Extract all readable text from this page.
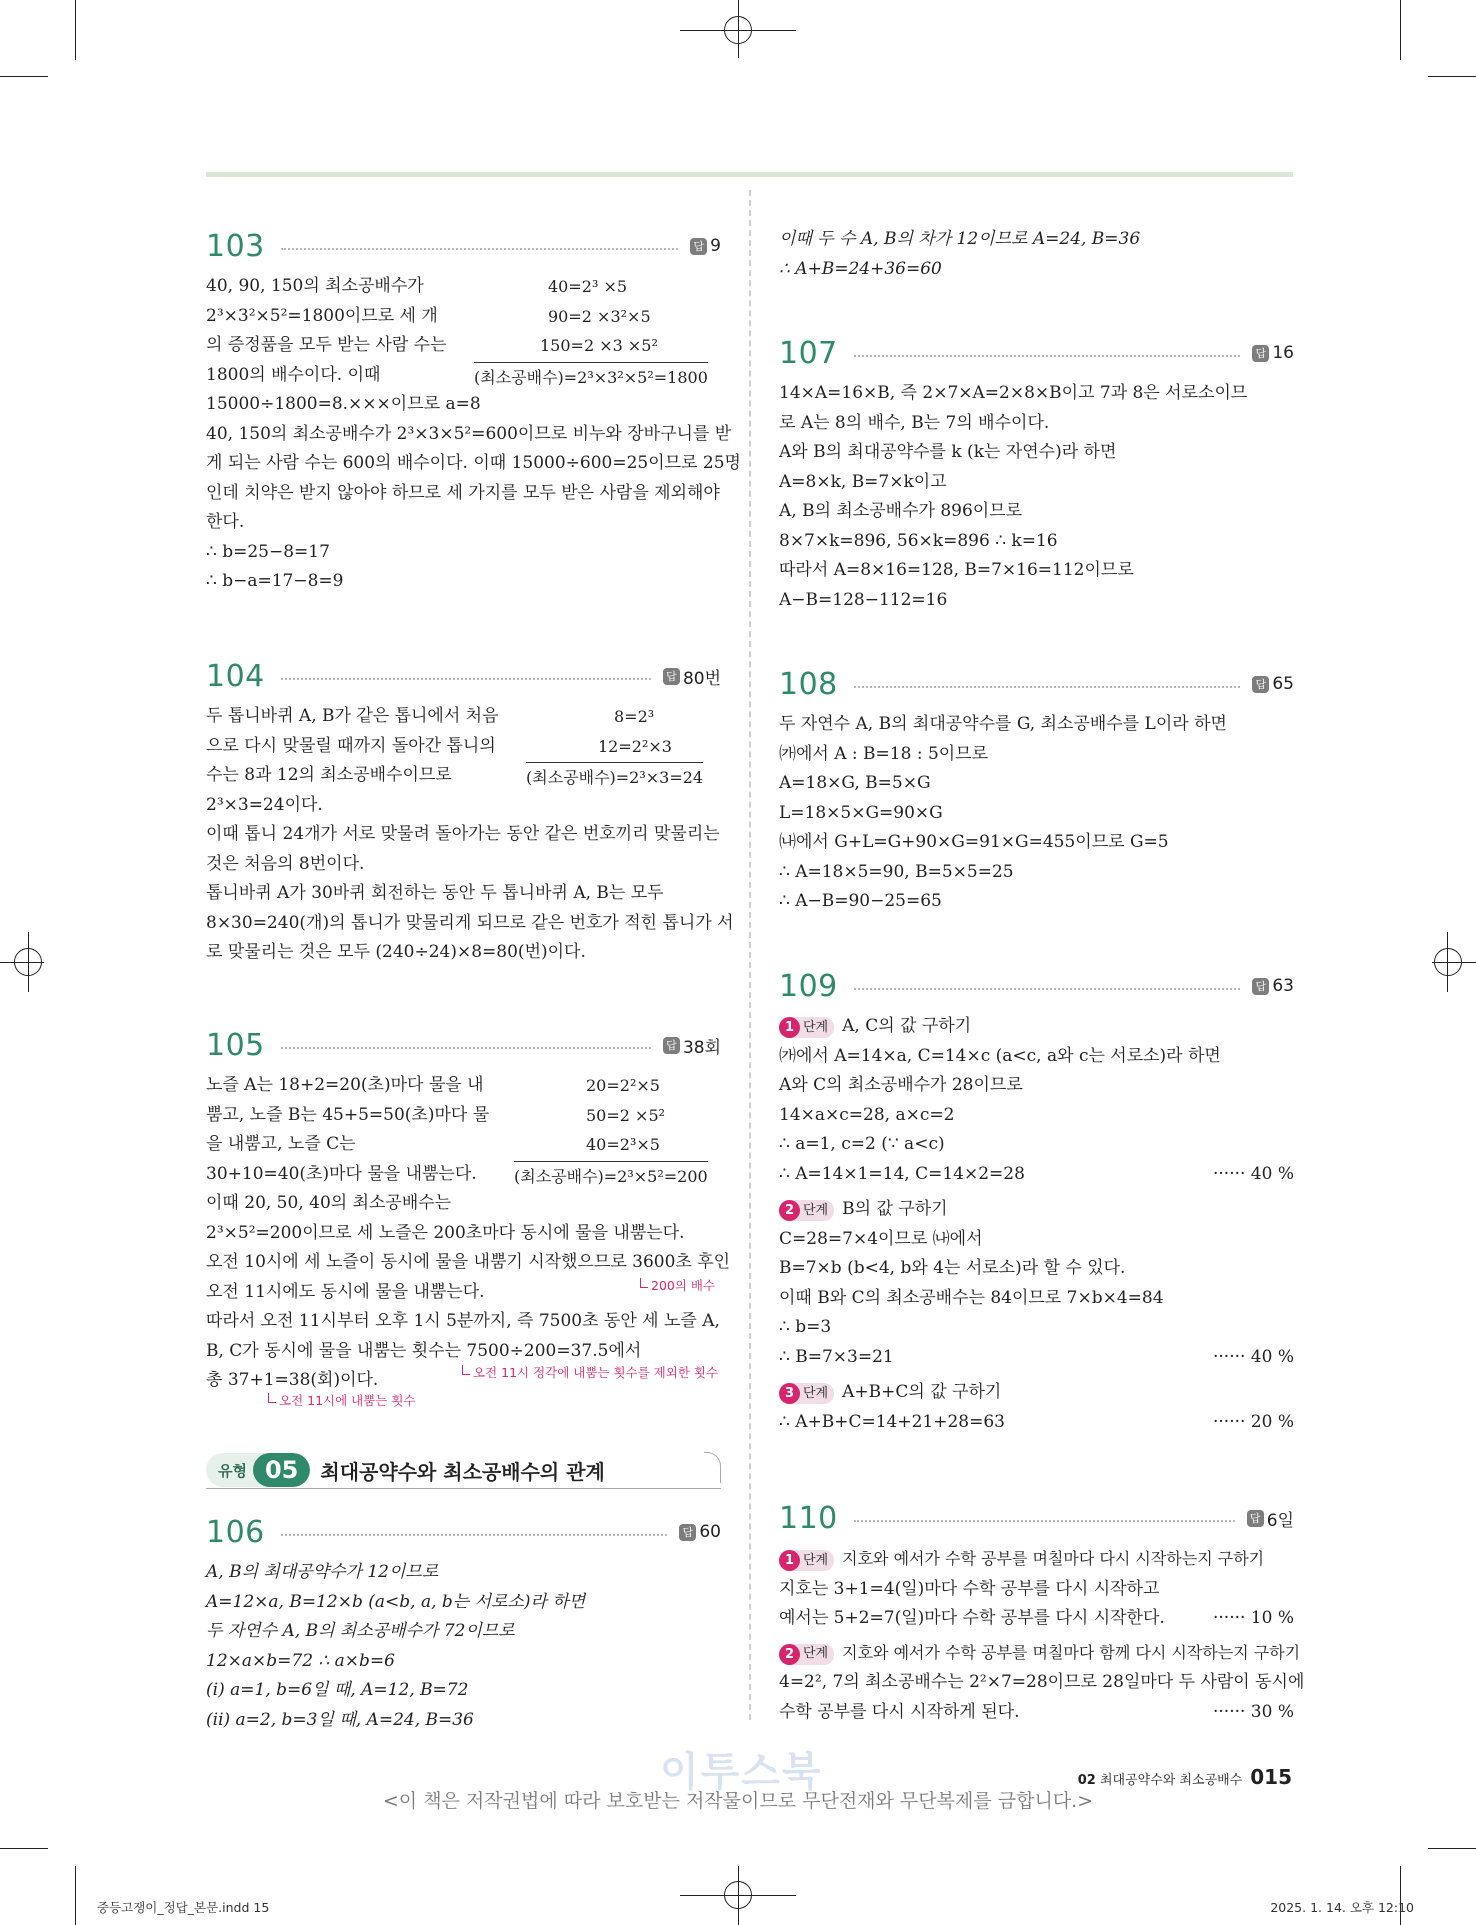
103	답 9
40, 90, 150의 최소공배수가
2³×3²×5²=1800이므로 세 개
의 증정품을 모두 받는 사람 수는
1800의 배수이다. 이때
15000÷1800=8.×××이므로 a=8
40, 150의 최소공배수가 2³×3×5²=600이므로 비누와 장바구니를 받
게 되는 사람 수는 600의 배수이다. 이때 15000÷600=25이므로 25명
인데 치약은 받지 않아야 하므로 세 가지를 모두 받은 사람을 제외해야
한다.
∴ b=25−8=17
∴ b−a=17−8=9
40=2³ ×5
90=2 ×3²×5
150=2 ×3 ×5²
(최소공배수)=2³×3²×5²=1800
104	답 80번
두 톱니바퀴 A, B가 같은 톱니에서 처음
으로 다시 맞물릴 때까지 돌아간 톱니의
수는 8과 12의 최소공배수이므로
2³×3=24이다.
이때 톱니 24개가 서로 맞물려 돌아가는 동안 같은 번호끼리 맞물리는
것은 처음의 8번이다.
톱니바퀴 A가 30바퀴 회전하는 동안 두 톱니바퀴 A, B는 모두
8×30=240(개)의 톱니가 맞물리게 되므로 같은 번호가 적힌 톱니가 서
로 맞물리는 것은 모두 (240÷24)×8=80(번)이다.
8=2³
12=2²×3
(최소공배수)=2³×3=24
105	답 38회
노즐 A는 18+2=20(초)마다 물을 내
뿜고, 노즐 B는 45+5=50(초)마다 물
을 내뿜고, 노즐 C는
30+10=40(초)마다 물을 내뿜는다.
이때 20, 50, 40의 최소공배수는
2³×5²=200이므로 세 노즐은 200초마다 동시에 물을 내뿜는다.
오전 10시에 세 노즐이 동시에 물을 내뿜기 시작했으므로 3600초 후인
오전 11시에도 동시에 물을 내뿜는다.
따라서 오전 11시부터 오후 1시 5분까지, 즉 7500초 동안 세 노즐 A,
B, C가 동시에 물을 내뿜는 횟수는 7500÷200=37.5에서
총 37+1=38(회)이다.
20=2²×5
50=2 ×5²
40=2³×5
(최소공배수)=2³×5²=200
200의 배수
오전 11시 정각에 내뿜는 횟수를 제외한 횟수
오전 11시에 내뿜는 횟수
유형 05	최대공약수와 최소공배수의 관계
106	답 60
A, B의 최대공약수가 12이므로
A=12×a, B=12×b (a<b, a, b는 서로소)라 하면
두 자연수 A, B의 최소공배수가 72이므로
12×a×b=72 ∴ a×b=6
(ⅰ) a=1, b=6일 때, A=12, B=72
(ⅱ) a=2, b=3일 때, A=24, B=36
이때 두 수 A, B의 차가 12이므로 A=24, B=36
∴ A+B=24+36=60
107	답 16
14×A=16×B, 즉 2×7×A=2×8×B이고 7과 8은 서로소이므
로 A는 8의 배수, B는 7의 배수이다.
A와 B의 최대공약수를 k (k는 자연수)라 하면
A=8×k, B=7×k이고
A, B의 최소공배수가 896이므로
8×7×k=896, 56×k=896 ∴ k=16
따라서 A=8×16=128, B=7×16=112이므로
A−B=128−112=16
108	답 65
두 자연수 A, B의 최대공약수를 G, 최소공배수를 L이라 하면
㈎에서 A : B=18 : 5이므로
A=18×G, B=5×G
L=18×5×G=90×G
㈏에서 G+L=G+90×G=91×G=455이므로 G=5
∴ A=18×5=90, B=5×5=25
∴ A−B=90−25=65
109	답 63
1 단계 A, C의 값 구하기
㈎에서 A=14×a, C=14×c (a<c, a와 c는 서로소)라 하면
A와 C의 최소공배수가 28이므로
14×a×c=28, a×c=2
∴ a=1, c=2 (∵ a<c)
∴ A=14×1=14, C=14×2=28	······ 40 %
2 단계 B의 값 구하기
C=28=7×4이므로 ㈏에서
B=7×b (b<4, b와 4는 서로소)라 할 수 있다.
이때 B와 C의 최소공배수는 84이므로 7×b×4=84
∴ b=3
∴ B=7×3=21	······ 40 %
3 단계 A+B+C의 값 구하기
∴ A+B+C=14+21+28=63	······ 20 %
110	답 6일
1 단계 지호와 예서가 수학 공부를 며칠마다 다시 시작하는지 구하기
지호는 3+1=4(일)마다 수학 공부를 다시 시작하고
예서는 5+2=7(일)마다 수학 공부를 다시 시작한다.	······ 10 %
2 단계 지호와 예서가 수학 공부를 며칠마다 함께 다시 시작하는지 구하기
4=2², 7의 최소공배수는 2²×7=28이므로 28일마다 두 사람이 동시에
수학 공부를 다시 시작하게 된다.	······ 30 %
이투스북	02 최대공약수와 최소공배수 015
<이 책은 저작권법에 따라 보호받는 저작물이므로 무단전재와 무단복제를 금합니다.>
중등고쟁이_정답_본문.indd 15	2025. 1. 14. 오후 12:10
